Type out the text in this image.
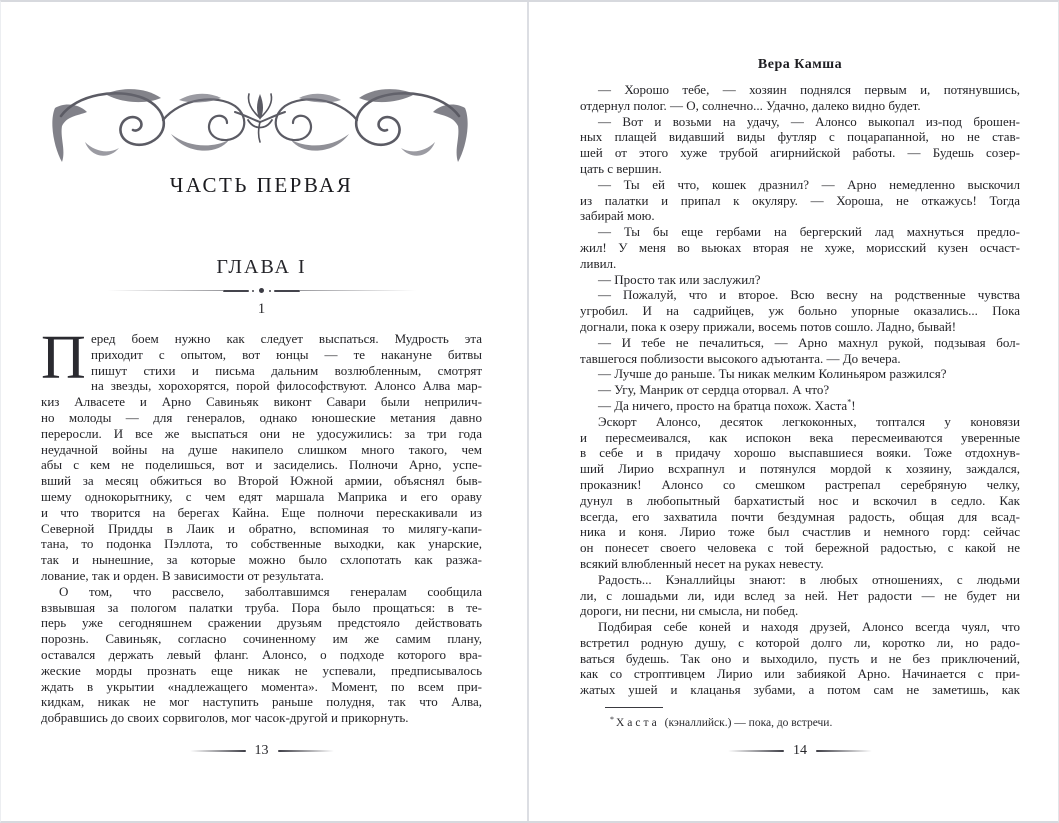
ЧАСТЬ ПЕРВАЯ
ГЛАВА I
1
П еред боем нужно как следует выспаться. Мудрость эта
приходит с опытом, вот юнцы — те накануне битвы
пишут стихи и письма дальним возлюбленным, смотрят
на звезды, хорохорятся, порой философствуют. Алонсо Алва мар-
киз Алвасете и Арно Савиньяк виконт Савари были неприлич-
но молоды — для генералов, однако юношеские метания давно
переросли. И все же выспаться они не удосужились: за три года
неудачной войны на душе накипело слишком много такого, чем
абы с кем не поделишься, вот и засиделись. Полночи Арно, успе-
вший за месяц обжиться во Второй Южной армии, объяснял быв-
шему однокорытнику, с чем едят маршала Маприка и его ораву
и что творится на берегах Кайна. Еще полночи перескакивали из
Северной Придды в Лаик и обратно, вспоминая то милягу-капи-
тана, то подонка Пэллота, то собственные выходки, как унарские,
так и нынешние, за которые можно было схлопотать как разжа-
лование, так и орден. В зависимости от результата.
О том, что рассвело, заболтавшимся генералам сообщила
взвывшая за пологом палатки труба. Пора было прощаться: в те-
перь уже сегодняшнем сражении друзьям предстояло действовать
порознь. Савиньяк, согласно сочиненному им же самим плану,
оставался держать левый фланг. Алонсо, о подходе которого вра-
жеские морды прознать еще никак не успевали, предписывалось
ждать в укрытии «надлежащего момента». Момент, по всем при-
кидкам, никак не мог наступить раньше полудня, так что Алва,
добравшись до своих сорвиголов, мог часок-другой и прикорнуть.
13
Вера Камша
— Хорошо тебе, — хозяин поднялся первым и, потянувшись,
отдернул полог. — О, солнечно... Удачно, далеко видно будет.
— Вот и возьми на удачу, — Алонсо выкопал из-под брошен-
ных плащей видавший виды футляр с поцарапанной, но не став-
шей от этого хуже трубой агирнийской работы. — Будешь созер-
цать с вершин.
— Ты ей что, кошек дразнил? — Арно немедленно выскочил
из палатки и припал к окуляру. — Хороша, не откажусь! Тогда
забирай мою.
— Ты бы еще гербами на бергерский лад махнуться предло-
жил! У меня во вьюках вторая не хуже, морисский кузен осчаст-
ливил.
— Просто так или заслужил?
— Пожалуй, что и второе. Всю весну на родственные чувства
угробил. И на садрийцев, уж больно упорные оказались... Пока
догнали, пока к озеру прижали, восемь потов сошло. Ладно, бывай!
— И тебе не печалиться, — Арно махнул рукой, подзывая бол-
тавшегося поблизости высокого адъютанта. — До вечера.
— Лучше до раньше. Ты никак мелким Колиньяром разжился?
— Угу, Манрик от сердца оторвал. А что?
— Да ничего, просто на братца похож. Хаста*!
Эскорт Алонсо, десяток легкоконных, топтался у коновязи
и пересмеивался, как испокон века пересмеиваются уверенные
в себе и в придачу хорошо выспавшиеся вояки. Тоже отдохнув-
ший Лирио всхрапнул и потянулся мордой к хозяину, заждался,
проказник! Алонсо со смешком растрепал серебряную челку,
дунул в любопытный бархатистый нос и вскочил в седло. Как
всегда, его захватила почти бездумная радость, общая для всад-
ника и коня. Лирио тоже был счастлив и немного горд: сейчас
он понесет своего человека с той бережной радостью, с какой не
всякий влюбленный несет на руках невесту.
Радость... Кэналлийцы знают: в любых отношениях, с людьми
ли, с лошадьми ли, иди вслед за ней. Нет радости — не будет ни
дороги, ни песни, ни смысла, ни побед.
Подбирая себе коней и находя друзей, Алонсо всегда чуял, что
встретил родную душу, с которой долго ли, коротко ли, но радо-
ваться будешь. Так оно и выходило, пусть и не без приключений,
как со строптивцем Лирио или забиякой Арно. Начинается с при-
жатых ушей и клацанья зубами, а потом сам не заметишь, как
* Хаста (кэналлийск.) — пока, до встречи.
14
